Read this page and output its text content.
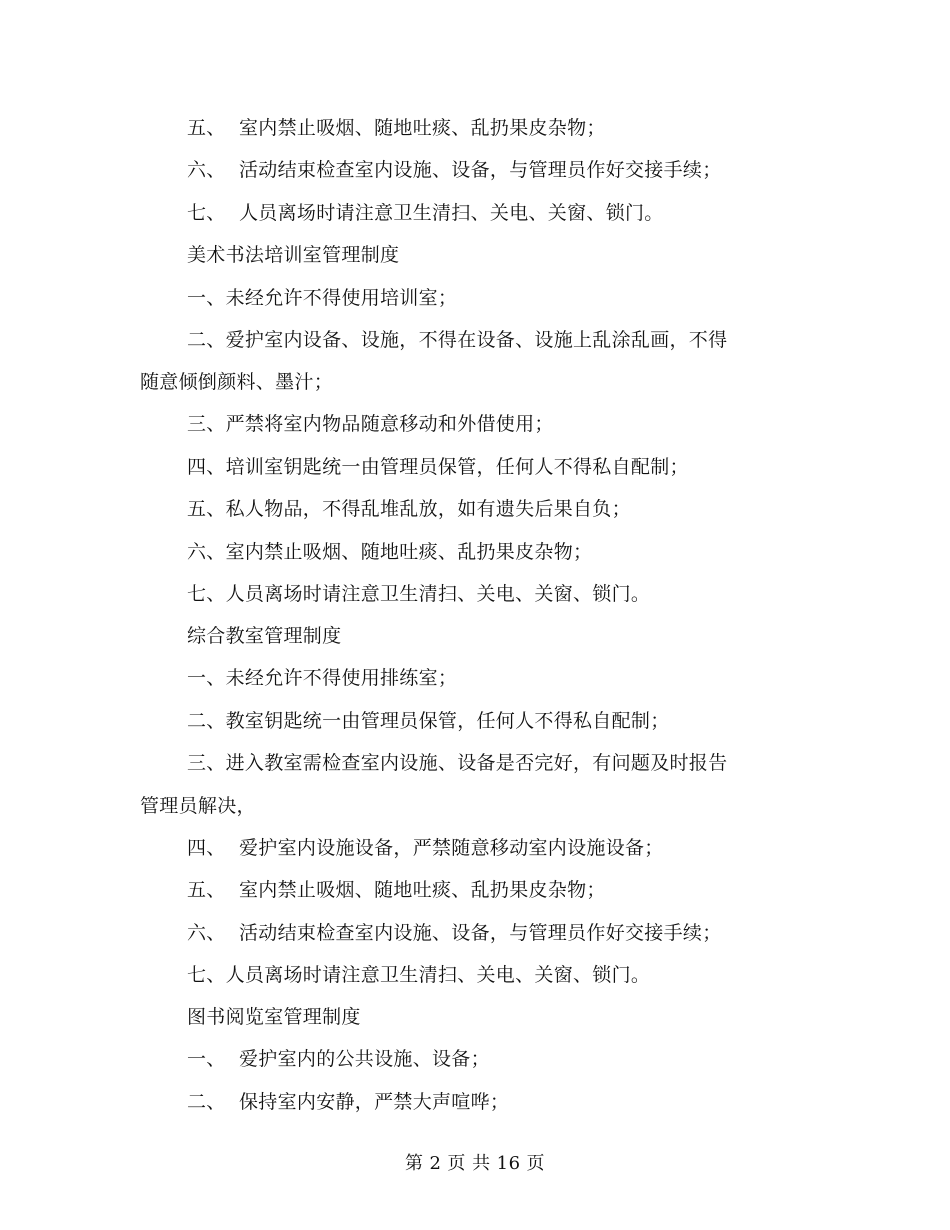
五、 室内禁止吸烟、随地吐痰、乱扔果皮杂物；
六、 活动结束检查室内设施、设备，与管理员作好交接手续；
七、 人员离场时请注意卫生清扫、关电、关窗、锁门。
美术书法培训室管理制度
一、未经允许不得使用培训室；
二、爱护室内设备、设施，不得在设备、设施上乱涂乱画，不得
随意倾倒颜料、墨汁；
三、严禁将室内物品随意移动和外借使用；
四、培训室钥匙统一由管理员保管，任何人不得私自配制；
五、私人物品，不得乱堆乱放，如有遗失后果自负；
六、室内禁止吸烟、随地吐痰、乱扔果皮杂物；
七、人员离场时请注意卫生清扫、关电、关窗、锁门。
综合教室管理制度
一、未经允许不得使用排练室；
二、教室钥匙统一由管理员保管，任何人不得私自配制；
三、进入教室需检查室内设施、设备是否完好，有问题及时报告
管理员解决，
四、 爱护室内设施设备，严禁随意移动室内设施设备；
五、 室内禁止吸烟、随地吐痰、乱扔果皮杂物；
六、 活动结束检查室内设施、设备，与管理员作好交接手续；
七、人员离场时请注意卫生清扫、关电、关窗、锁门。
图书阅览室管理制度
一、 爱护室内的公共设施、设备；
二、 保持室内安静，严禁大声喧哗；
第 2 页 共 16 页
